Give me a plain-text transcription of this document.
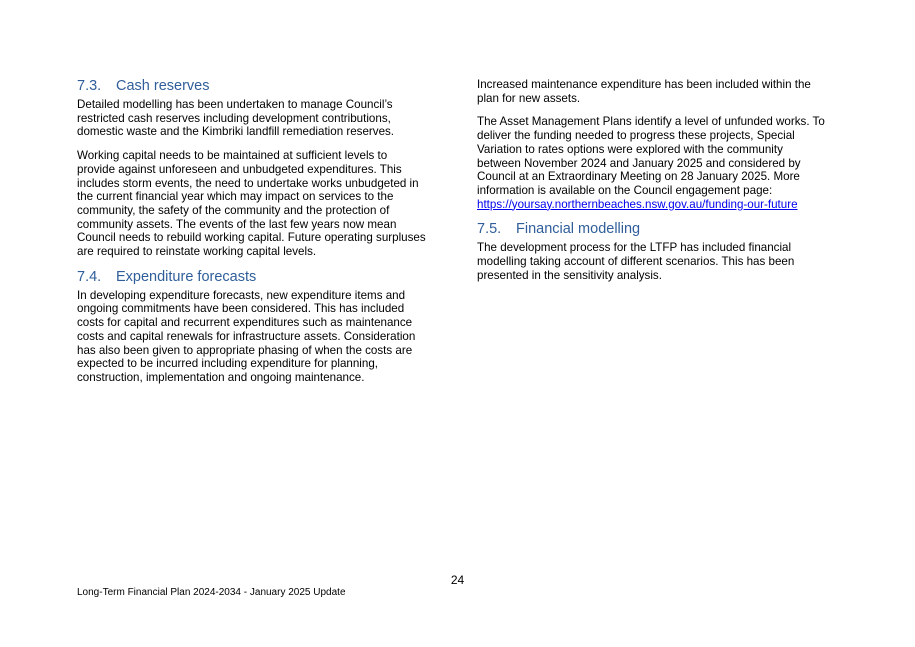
7.3. Cash reserves

Detailed modelling has been undertaken to manage Council’s
restricted cash reserves including development contributions,
domestic waste and the Kimbriki landfill remediation reserves.

Working capital needs to be maintained at sufficient levels to
provide against unforeseen and unbudgeted expenditures. This
includes storm events, the need to undertake works unbudgeted in
the current financial year which may impact on services to the
community, the safety of the community and the protection of
community assets. The events of the last few years now mean
Council needs to rebuild working capital. Future operating surpluses
are required to reinstate working capital levels.

7.4. Expenditure forecasts

In developing expenditure forecasts, new expenditure items and
ongoing commitments have been considered. This has included
costs for capital and recurrent expenditures such as maintenance
costs and capital renewals for infrastructure assets. Consideration
has also been given to appropriate phasing of when the costs are
expected to be incurred including expenditure for planning,
construction, implementation and ongoing maintenance.

Increased maintenance expenditure has been included within the
plan for new assets.

The Asset Management Plans identify a level of unfunded works. To
deliver the funding needed to progress these projects, Special
Variation to rates options were explored with the community
between November 2024 and January 2025 and considered by
Council at an Extraordinary Meeting on 28 January 2025. More
information is available on the Council engagement page:
https://yoursay.northernbeaches.nsw.gov.au/funding-our-future

7.5. Financial modelling

The development process for the LTFP has included financial
modelling taking account of different scenarios. This has been
presented in the sensitivity analysis.

24
Long-Term Financial Plan 2024-2034 - January 2025 Update
